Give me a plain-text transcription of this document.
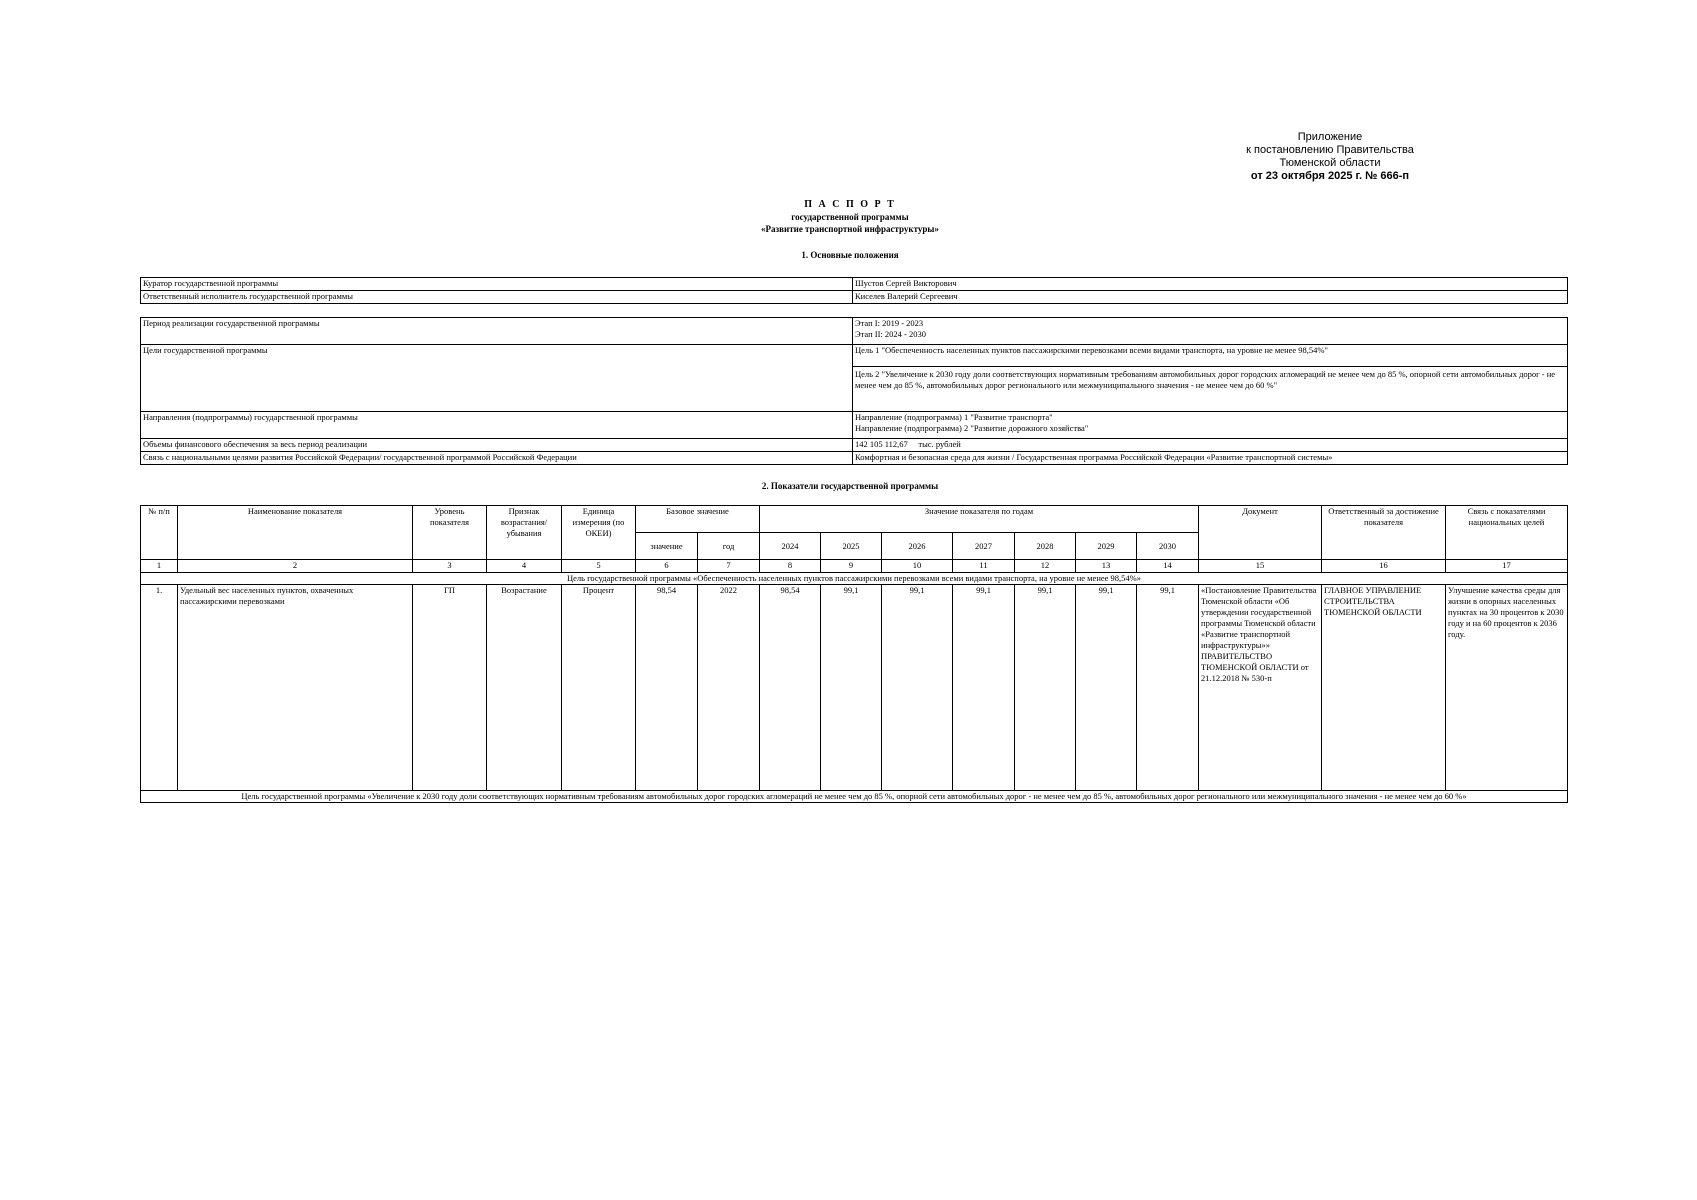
Приложение
к постановлению Правительства
Тюменской области
от 23 октября 2025 г. № 666-п
П А С П О Р Т
государственной программы
«Развитие транспортной инфраструктуры»
1. Основные положения
Куратор государственной программы	Шустов Сергей Викторович
Ответственный исполнитель государственной программы	Киселев Валерий Сергеевич
Период реализации государственной программы	Этап I: 2019 - 2023
Этап II: 2024 - 2030

Цели государственной программы	Цель 1 "Обеспеченность населенных пунктов пассажирскими перевозками всеми видами транспорта, на уровне не менее 98,54%"
Цель 2 "Увеличение к 2030 году доли соответствующих нормативным требованиям автомобильных дорог городских агломераций не менее чем до 85 %, опорной сети автомобильных дорог - не менее чем до 85 %, автомобильных дорог регионального или межмуниципального значения - не менее чем до 60 %"

Направления (подпрограммы) государственной программы	Направление (подпрограмма) 1 "Развитие транспорта"
Направление (подпрограмма) 2 "Развитие дорожного хозяйства"

Объемы финансового обеспечения за весь период реализации	142 105 112,67     тыс. рублей
Связь с национальными целями развития Российской Федерации/ государственной программой Российской Федерации	Комфортная и безопасная среда для жизни / Государственная программа Российской Федерации «Развитие транспортной системы»
2. Показатели государственной программы
№ п/п	Наименование показателя	Уровень показателя	Признак возрастания/ убывания	Единица измерения (по ОКЕИ)	Базовое значение		Значение показателя по годам							Документ	Ответственный за достижение показателя	Связь с показателями национальных целей
					значение	год	2024	2025	2026	2027	2028	2029	2030			
1	2	3	4	5	6	7	8	9	10	11	12	13	14	15	16	17
Цель государственной программы «Обеспеченность населенных пунктов пассажирскими перевозками всеми видами транспорта, на уровне не менее 98,54%»																
1.	Удельный вес населенных пунктов, охваченных пассажирскими перевозками	ГП	Возрастание	Процент	98,54	2022	98,54	99,1	99,1	99,1	99,1	99,1	99,1	«Постановление Правительства Тюменской области «Об утверждении государственной программы Тюменской области «Развитие транспортной инфраструктуры»» ПРАВИТЕЛЬСТВО ТЮМЕНСКОЙ ОБЛАСТИ от 21.12.2018 № 530-п	ГЛАВНОЕ УПРАВЛЕНИЕ СТРОИТЕЛЬСТВА ТЮМЕНСКОЙ ОБЛАСТИ	Улучшение качества среды для жизни в опорных населенных пунктах на 30 процентов к 2030 году и на 60 процентов к 2036 году.
Цель государственной программы «Увеличение к 2030 году доли соответствующих нормативным требованиям автомобильных дорог городских агломераций не менее чем до 85 %, опорной сети автомобильных дорог - не менее чем до 85 %, автомобильных дорог регионального или межмуниципального значения - не менее чем до 60 %»																
